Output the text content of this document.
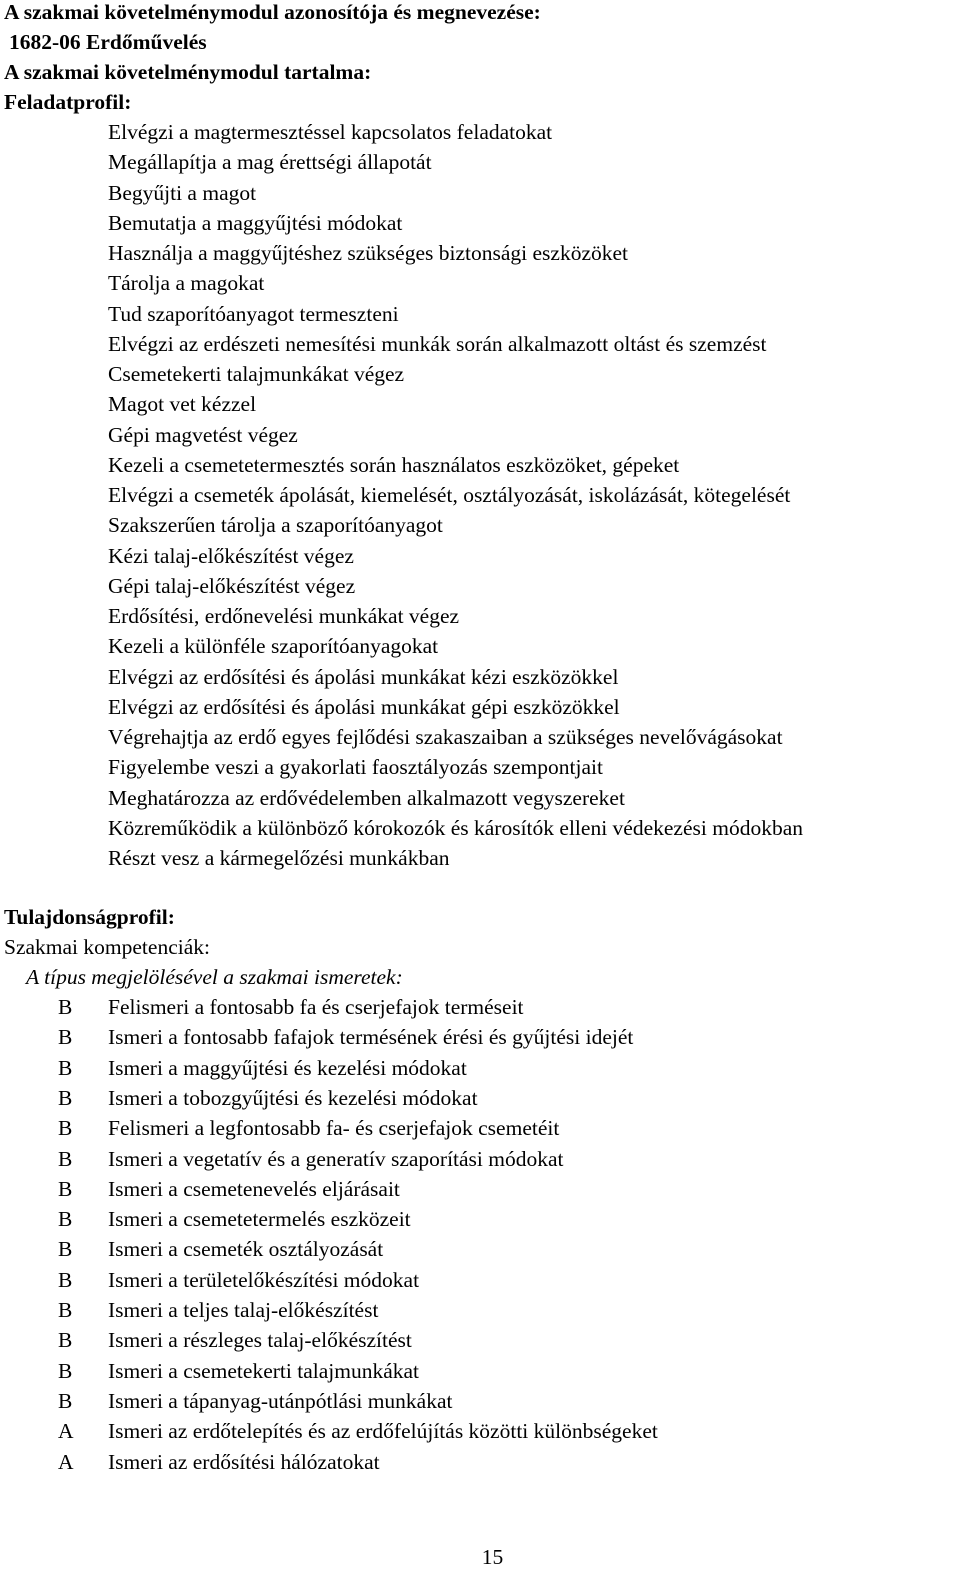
A szakmai követelménymodul azonosítója és megnevezése:
1682-06 Erdőművelés
A szakmai követelménymodul tartalma:
Feladatprofil:
Elvégzi a magtermesztéssel kapcsolatos feladatokat
Megállapítja a mag érettségi állapotát
Begyűjti a magot
Bemutatja a maggyűjtési módokat
Használja a maggyűjtéshez szükséges biztonsági eszközöket
Tárolja a magokat
Tud szaporítóanyagot termeszteni
Elvégzi az erdészeti nemesítési munkák során alkalmazott oltást és szemzést
Csemetekerti talajmunkákat végez
Magot vet kézzel
Gépi magvetést végez
Kezeli a csemetetermesztés során használatos eszközöket, gépeket
Elvégzi a csemeték ápolását, kiemelését, osztályozását, iskolázását, kötegelését
Szakszerűen tárolja a szaporítóanyagot
Kézi talaj-előkészítést végez
Gépi talaj-előkészítést végez
Erdősítési, erdőnevelési munkákat végez
Kezeli a különféle szaporítóanyagokat
Elvégzi az erdősítési és ápolási munkákat kézi eszközökkel
Elvégzi az erdősítési és ápolási munkákat gépi eszközökkel
Végrehajtja az erdő egyes fejlődési szakaszaiban a szükséges nevelővágásokat
Figyelembe veszi a gyakorlati faosztályozás szempontjait
Meghatározza az erdővédelemben alkalmazott vegyszereket
Közreműködik a különböző kórokozók és károsítók elleni védekezési módokban
Részt vesz a kármegelőzési munkákban
Tulajdonságprofil:
Szakmai kompetenciák:
A típus megjelölésével a szakmai ismeretek:
B Felismeri a fontosabb fa és cserjefajok terméseit
B Ismeri a fontosabb fafajok termésének érési és gyűjtési idejét
B Ismeri a maggyűjtési és kezelési módokat
B Ismeri a tobozgyűjtési és kezelési módokat
B Felismeri a legfontosabb fa- és cserjefajok csemetéit
B Ismeri a vegetatív és a generatív szaporítási módokat
B Ismeri a csemetenevelés eljárásait
B Ismeri a csemetetermelés eszközeit
B Ismeri a csemeték osztályozását
B Ismeri a területelőkészítési módokat
B Ismeri a teljes talaj-előkészítést
B Ismeri a részleges talaj-előkészítést
B Ismeri a csemetekerti talajmunkákat
B Ismeri a tápanyag-utánpótlási munkákat
A Ismeri az erdőtelepítés és az erdőfelújítás közötti különbségeket
A Ismeri az erdősítési hálózatokat
15
